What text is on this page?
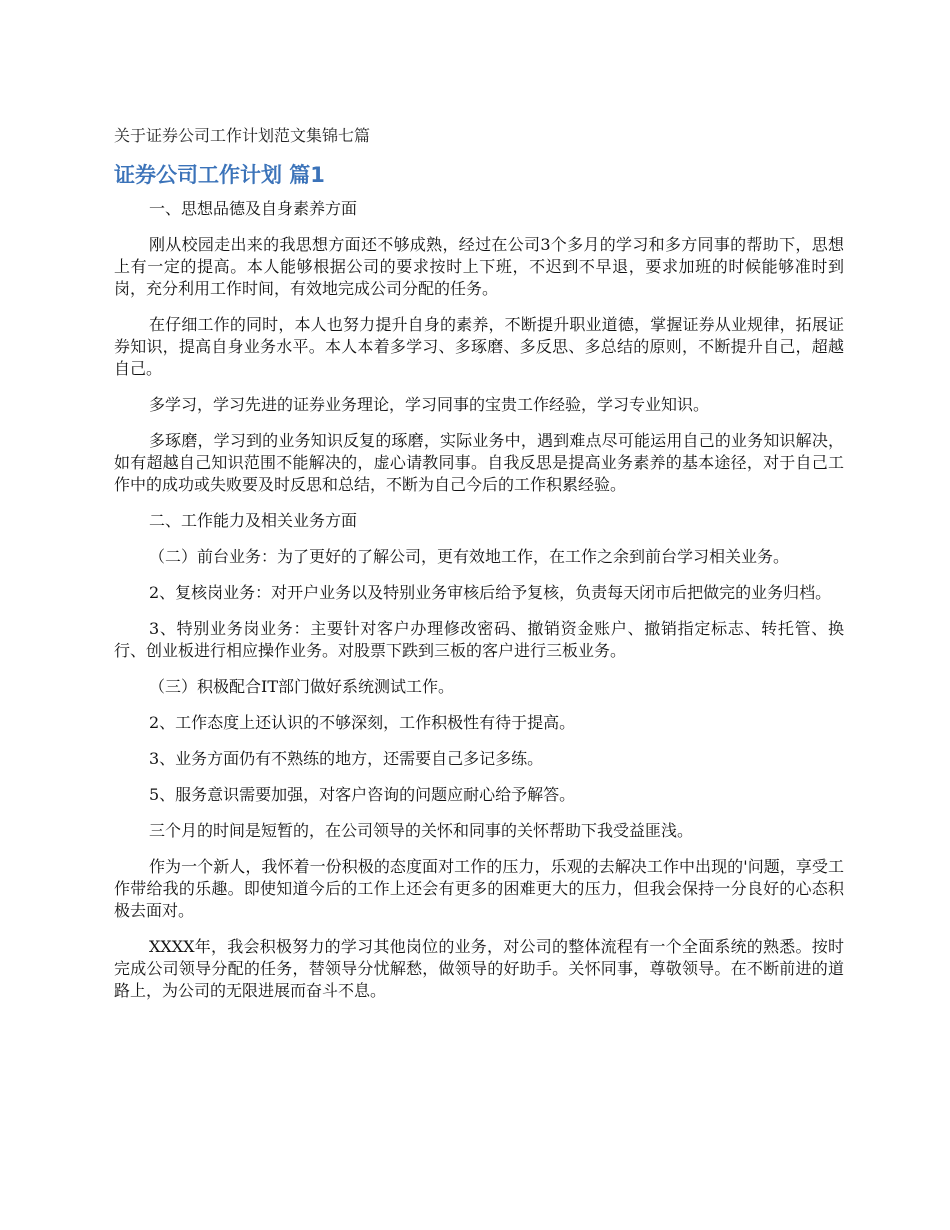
关于证券公司工作计划范文集锦七篇
证券公司工作计划 篇1

一、思想品德及自身素养方面

刚从校园走出来的我思想方面还不够成熟，经过在公司3个多月的学习和多方同事的帮助下，思想上有一定的提高。本人能够根据公司的要求按时上下班，不迟到不早退，要求加班的时候能够准时到岗，充分利用工作时间，有效地完成公司分配的任务。

在仔细工作的同时，本人也努力提升自身的素养，不断提升职业道德，掌握证券从业规律，拓展证券知识，提高自身业务水平。本人本着多学习、多琢磨、多反思、多总结的原则，不断提升自己，超越自己。

多学习，学习先进的证券业务理论，学习同事的宝贵工作经验，学习专业知识。

多琢磨，学习到的业务知识反复的琢磨，实际业务中，遇到难点尽可能运用自己的业务知识解决，如有超越自己知识范围不能解决的，虚心请教同事。自我反思是提高业务素养的基本途径，对于自己工作中的成功或失败要及时反思和总结，不断为自己今后的工作积累经验。

二、工作能力及相关业务方面

（二）前台业务：为了更好的了解公司，更有效地工作，在工作之余到前台学习相关业务。

2、复核岗业务：对开户业务以及特别业务审核后给予复核，负责每天闭市后把做完的业务归档。

3、特别业务岗业务：主要针对客户办理修改密码、撤销资金账户、撤销指定标志、转托管、换行、创业板进行相应操作业务。对股票下跌到三板的客户进行三板业务。

（三）积极配合IT部门做好系统测试工作。

2、工作态度上还认识的不够深刻，工作积极性有待于提高。

3、业务方面仍有不熟练的地方，还需要自己多记多练。

5、服务意识需要加强，对客户咨询的问题应耐心给予解答。

三个月的时间是短暂的，在公司领导的关怀和同事的关怀帮助下我受益匪浅。

作为一个新人，我怀着一份积极的态度面对工作的压力，乐观的去解决工作中出现的'问题，享受工作带给我的乐趣。即使知道今后的工作上还会有更多的困难更大的压力，但我会保持一分良好的心态积极去面对。

XXXX年，我会积极努力的学习其他岗位的业务，对公司的整体流程有一个全面系统的熟悉。按时完成公司领导分配的任务，替领导分忧解愁，做领导的好助手。关怀同事，尊敬领导。在不断前进的道路上，为公司的无限进展而奋斗不息。
